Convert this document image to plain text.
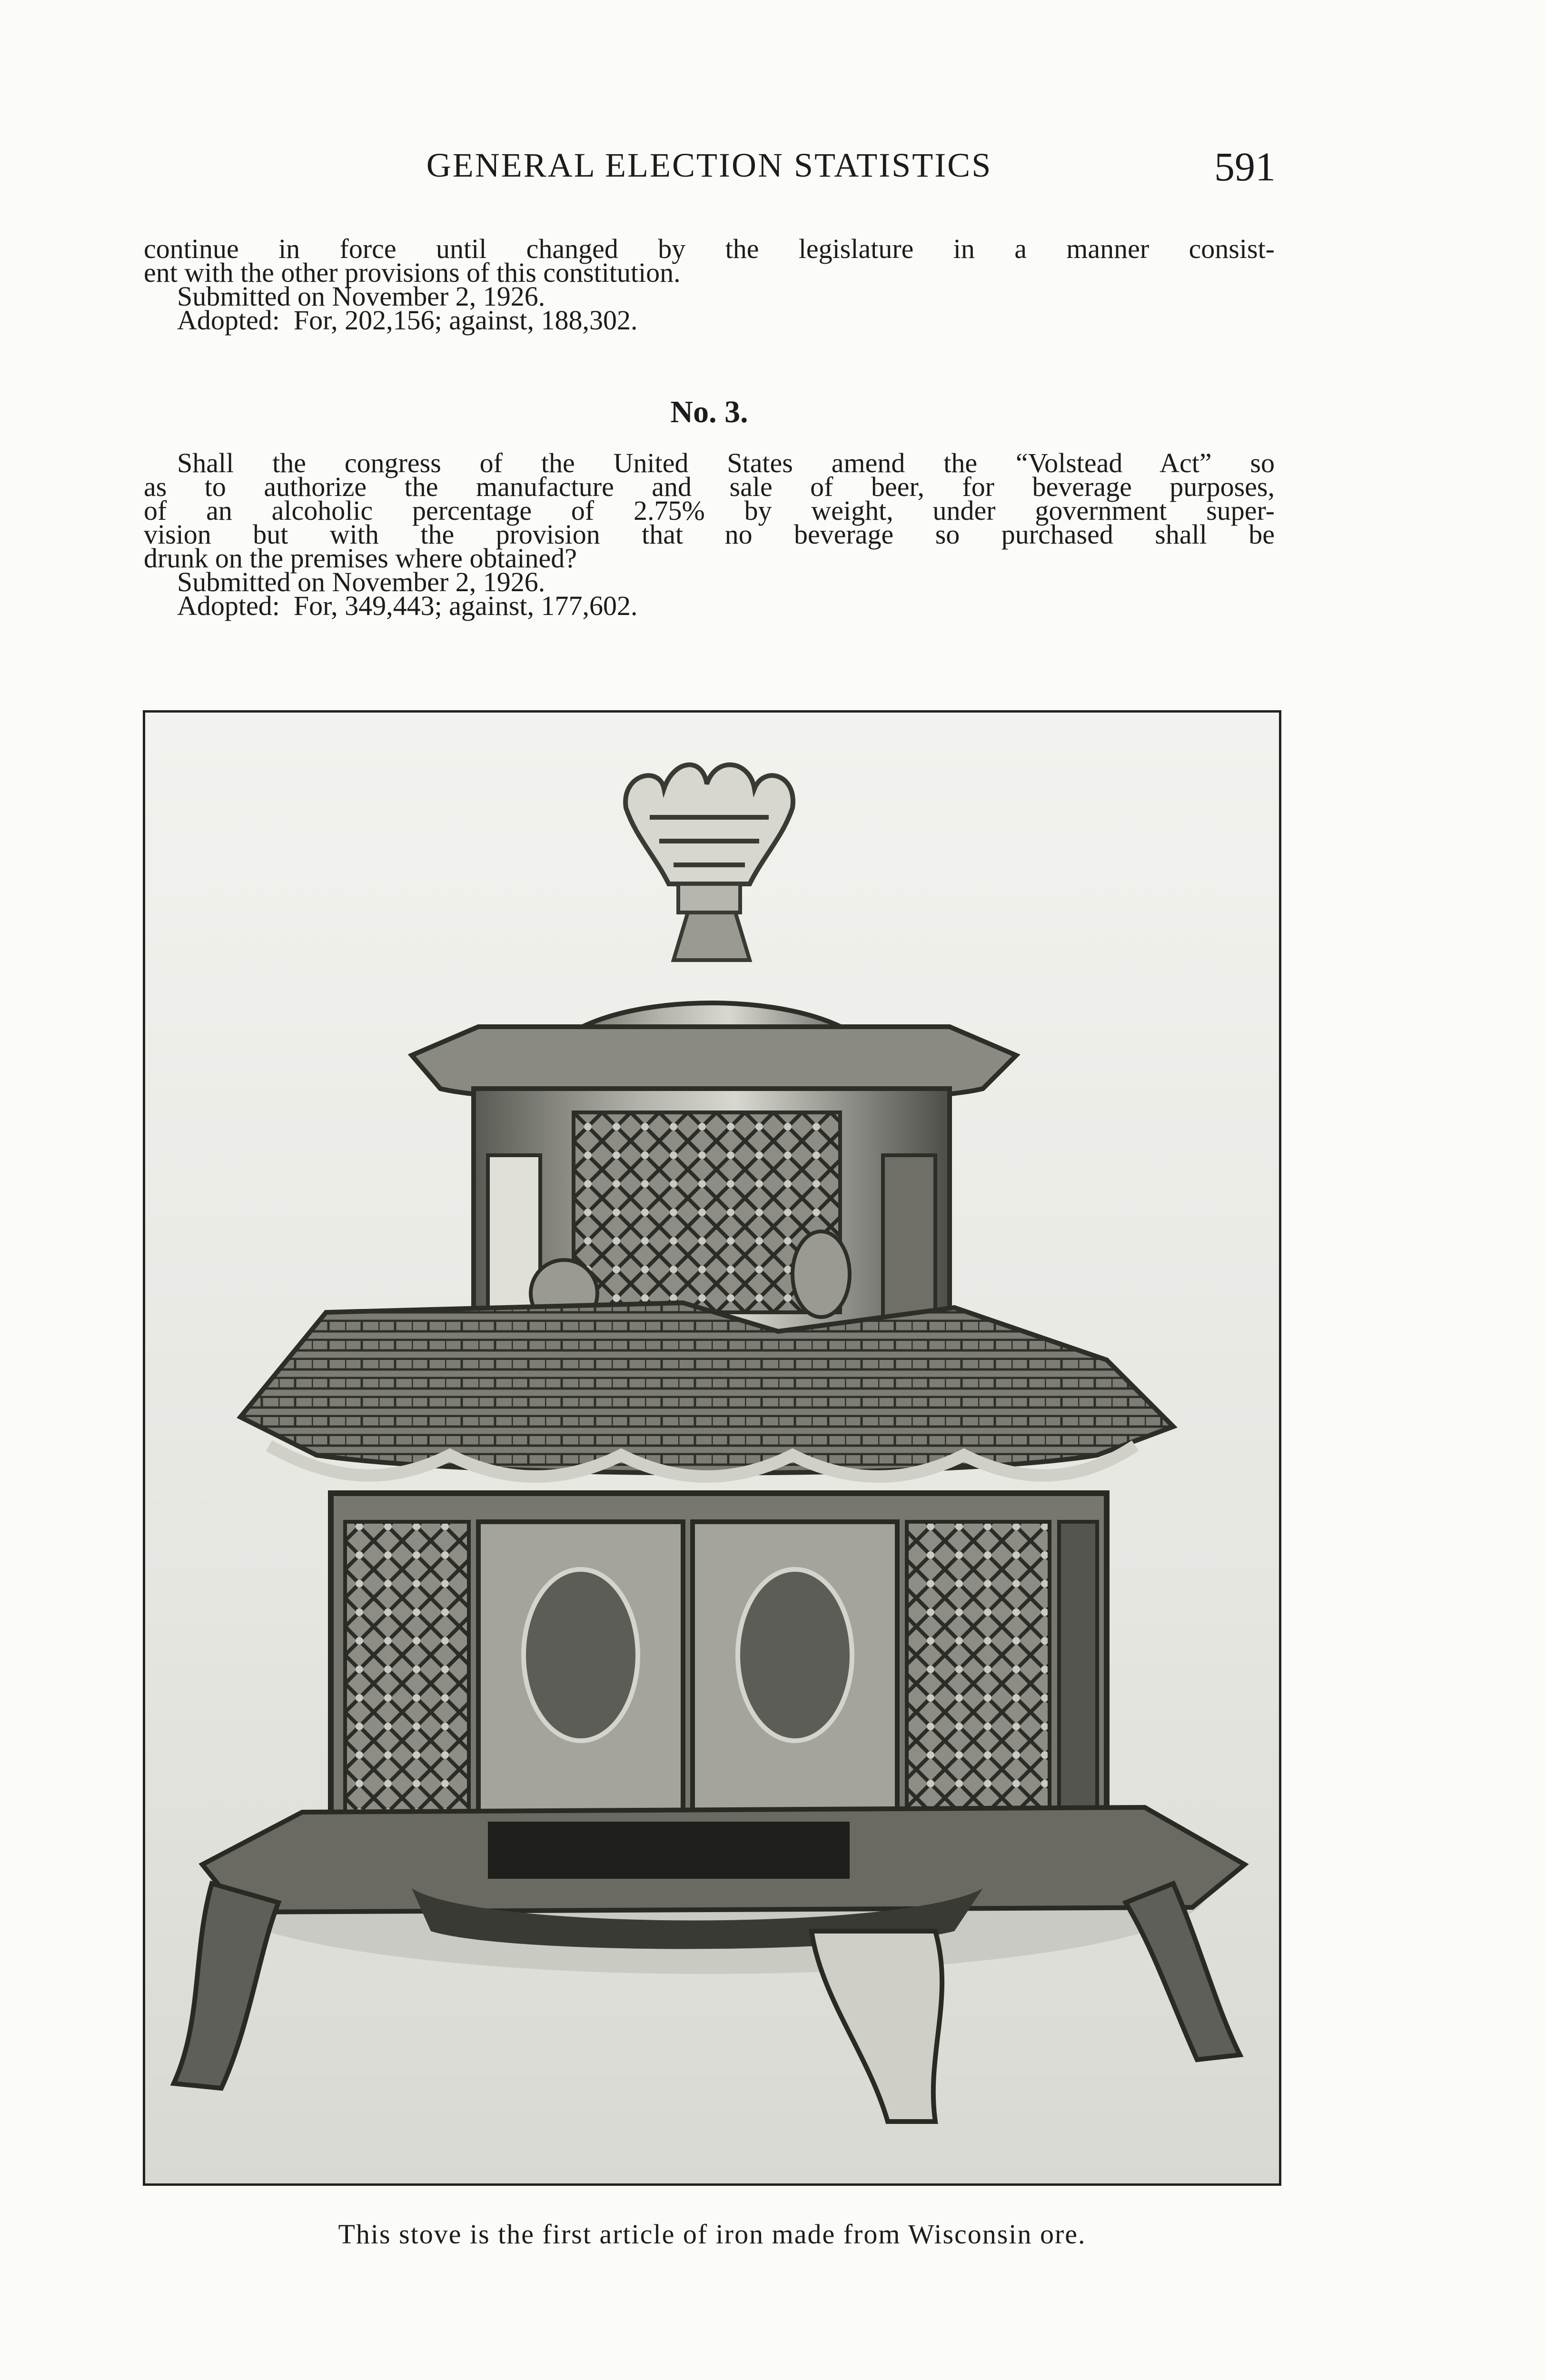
GENERAL ELECTION STATISTICS	591
continue in force until changed by the legislature in a manner consist-
ent with the other provisions of this constitution.
Submitted on November 2, 1926.
Adopted:  For, 202,156; against, 188,302.
No. 3.
Shall the congress of the United States amend the “Volstead Act” so
as to authorize the manufacture and sale of beer, for beverage purposes,
of an alcoholic percentage of 2.75% by weight, under government super-
vision but with the provision that no beverage so purchased shall be
drunk on the premises where obtained?
Submitted on November 2, 1926.
Adopted:  For, 349,443; against, 177,602.
This stove is the first article of iron made from Wisconsin ore.
